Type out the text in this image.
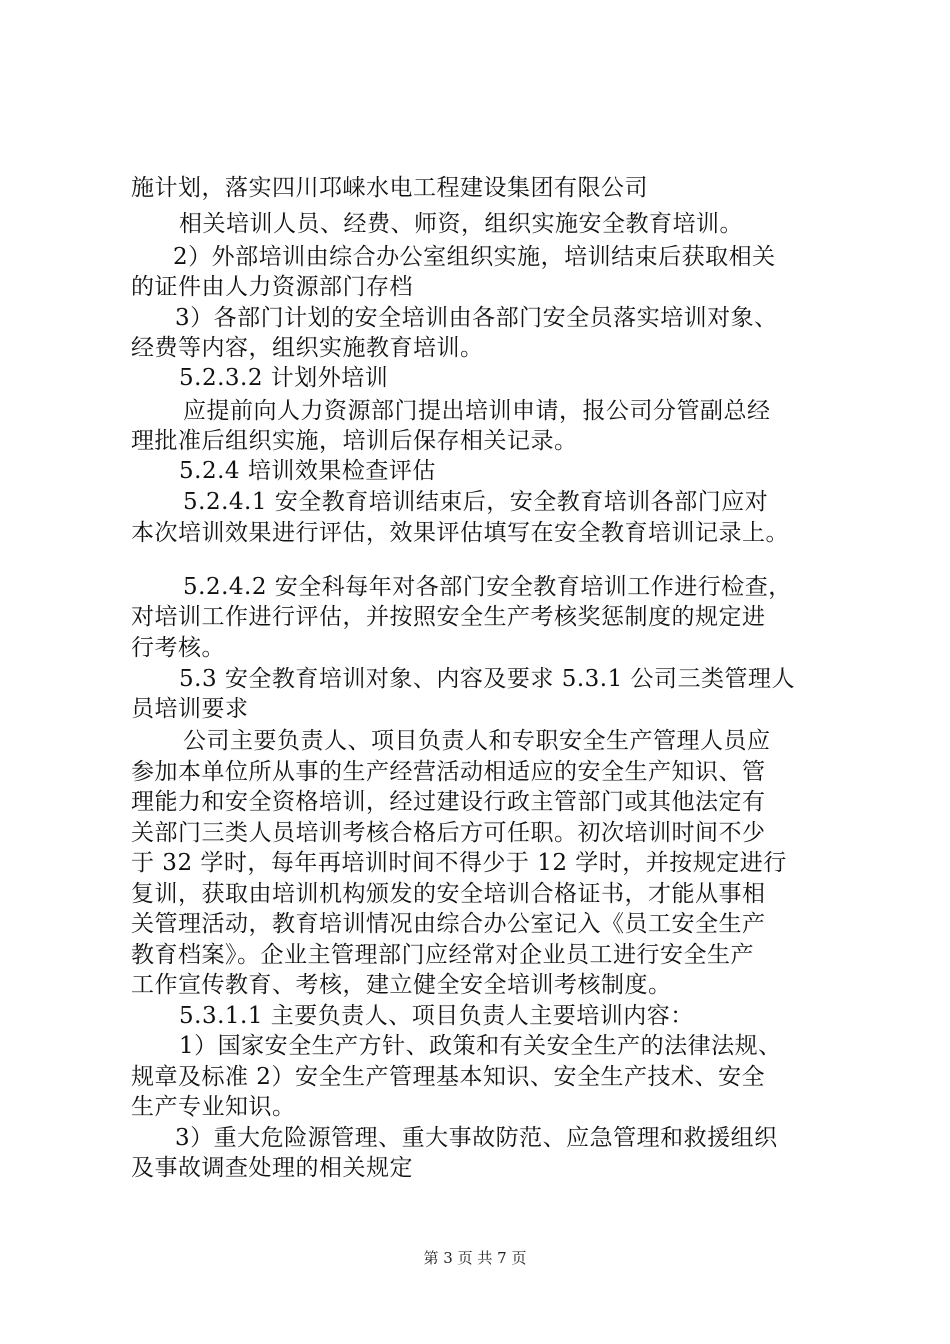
施计划，落实四川邛崃水电工程建设集团有限公司
相关培训人员、经费、师资，组织实施安全教育培训。
2）外部培训由综合办公室组织实施，培训结束后获取相关
的证件由人力资源部门存档
3）各部门计划的安全培训由各部门安全员落实培训对象、
经费等内容，组织实施教育培训。
5.2.3.2 计划外培训
应提前向人力资源部门提出培训申请，报公司分管副总经
理批准后组织实施，培训后保存相关记录。
5.2.4 培训效果检查评估
5.2.4.1 安全教育培训结束后，安全教育培训各部门应对
本次培训效果进行评估，效果评估填写在安全教育培训记录上。
5.2.4.2 安全科每年对各部门安全教育培训工作进行检查，
对培训工作进行评估，并按照安全生产考核奖惩制度的规定进
行考核。
5.3 安全教育培训对象、内容及要求 5.3.1 公司三类管理人
员培训要求
公司主要负责人、项目负责人和专职安全生产管理人员应
参加本单位所从事的生产经营活动相适应的安全生产知识、管
理能力和安全资格培训，经过建设行政主管部门或其他法定有
关部门三类人员培训考核合格后方可任职。初次培训时间不少
于 32 学时，每年再培训时间不得少于 12 学时，并按规定进行
复训，获取由培训机构颁发的安全培训合格证书，才能从事相
关管理活动，教育培训情况由综合办公室记入《员工安全生产
教育档案》。企业主管理部门应经常对企业员工进行安全生产
工作宣传教育、考核，建立健全安全培训考核制度。
5.3.1.1 主要负责人、项目负责人主要培训内容：
1）国家安全生产方针、政策和有关安全生产的法律法规、
规章及标准 2）安全生产管理基本知识、安全生产技术、安全
生产专业知识。
3）重大危险源管理、重大事故防范、应急管理和救援组织
及事故调查处理的相关规定
第 3 页 共 7 页
